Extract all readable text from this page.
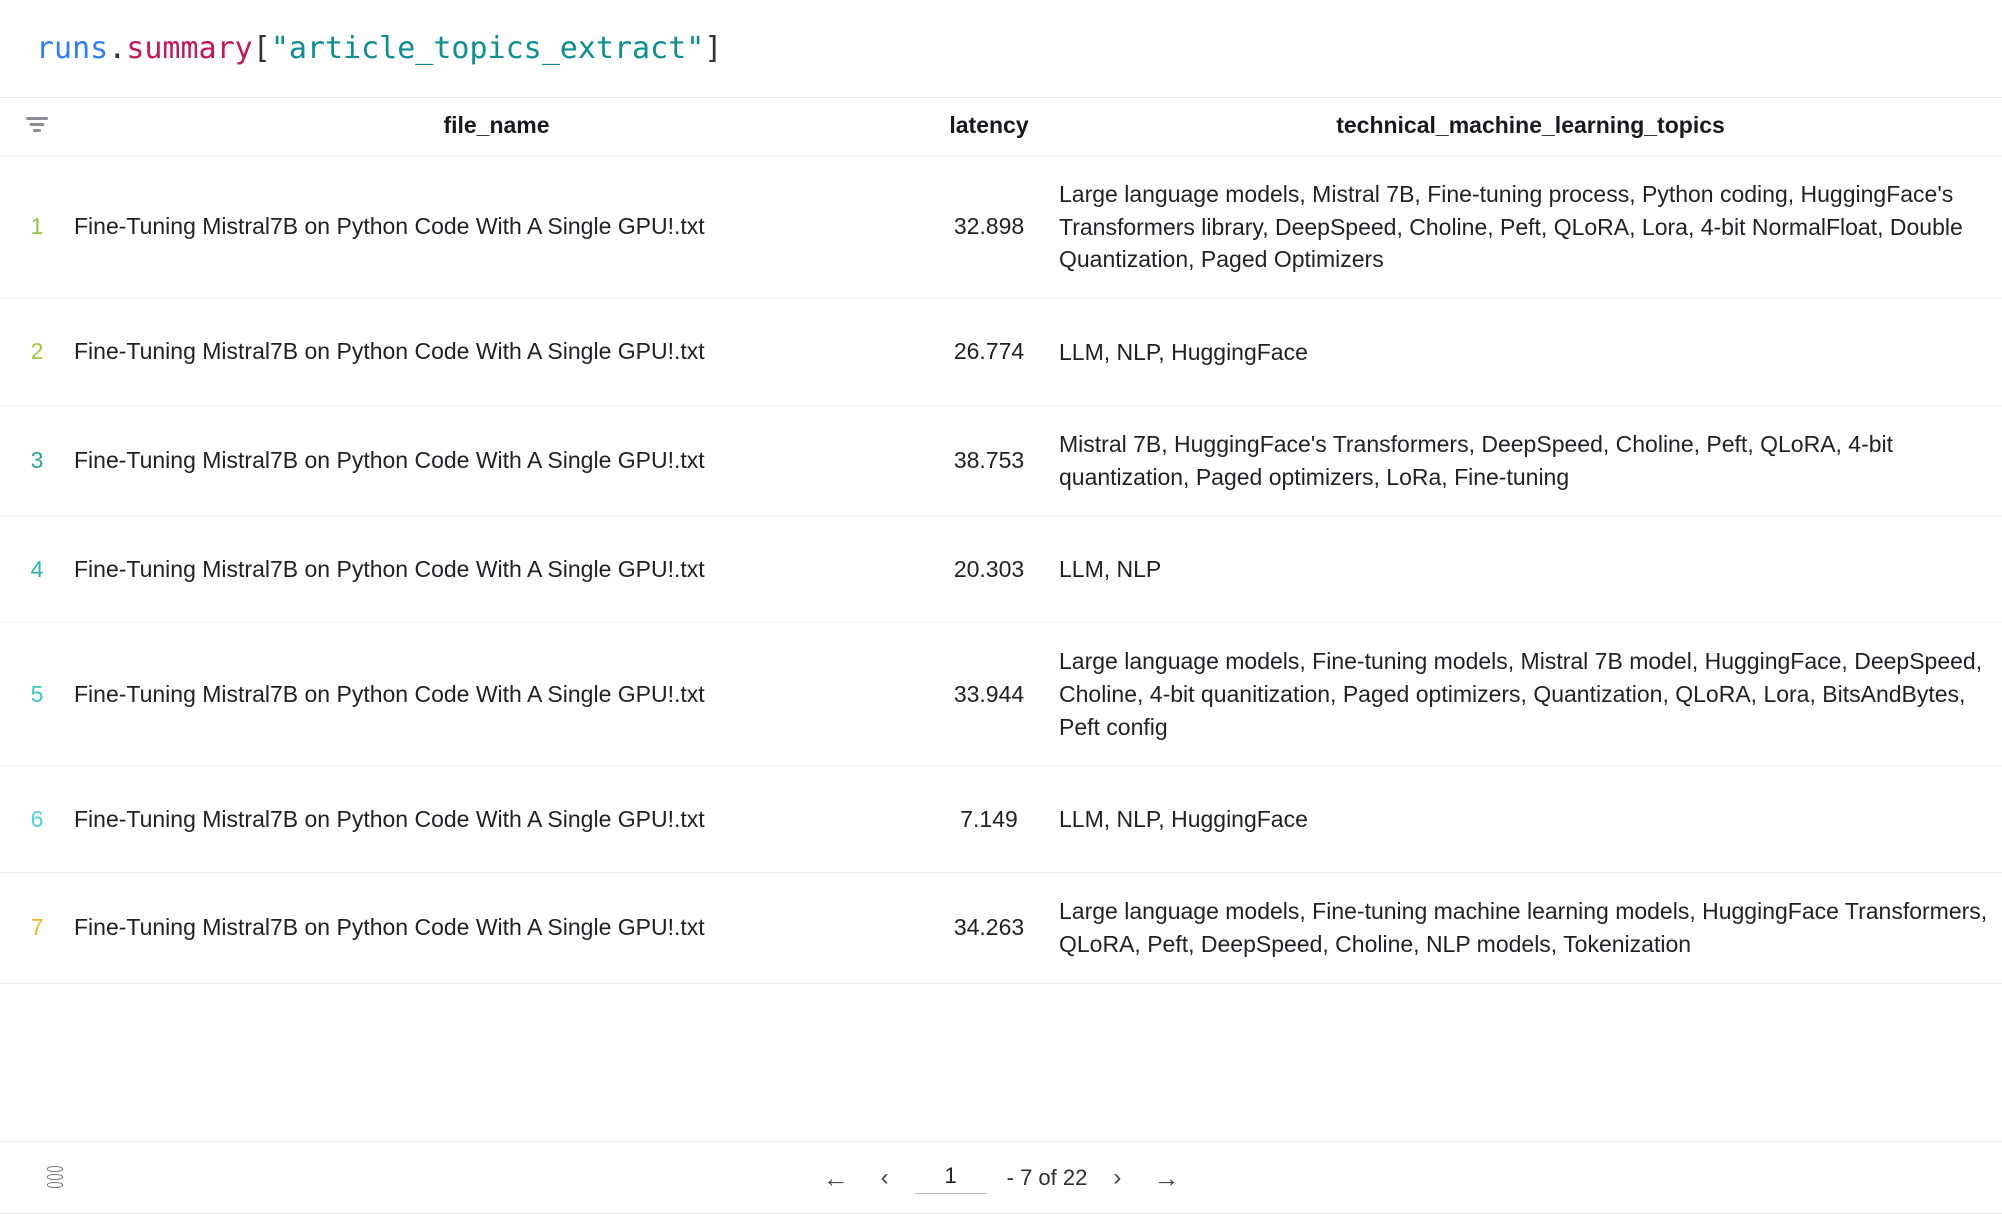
runs.summary["article_topics_extract"]
	file_name	latency	technical_machine_learning_topics
1	Fine-Tuning Mistral7B on Python Code With A Single GPU!.txt	32.898	Large language models, Mistral 7B, Fine-tuning process, Python coding, HuggingFace's Transformers library, DeepSpeed, Choline, Peft, QLoRA, Lora, 4-bit NormalFloat, Double Quantization, Paged Optimizers
2	Fine-Tuning Mistral7B on Python Code With A Single GPU!.txt	26.774	LLM, NLP, HuggingFace
3	Fine-Tuning Mistral7B on Python Code With A Single GPU!.txt	38.753	Mistral 7B, HuggingFace's Transformers, DeepSpeed, Choline, Peft, QLoRA, 4-bit quantization, Paged optimizers, LoRa, Fine-tuning
4	Fine-Tuning Mistral7B on Python Code With A Single GPU!.txt	20.303	LLM, NLP
5	Fine-Tuning Mistral7B on Python Code With A Single GPU!.txt	33.944	Large language models, Fine-tuning models, Mistral 7B model, HuggingFace, DeepSpeed, Choline, 4-bit quanitization, Paged optimizers, Quantization, QLoRA, Lora, BitsAndBytes, Peft config
6	Fine-Tuning Mistral7B on Python Code With A Single GPU!.txt	7.149	LLM, NLP, HuggingFace
7	Fine-Tuning Mistral7B on Python Code With A Single GPU!.txt	34.263	Large language models, Fine-tuning machine learning models, HuggingFace Transformers, QLoRA, Peft, DeepSpeed, Choline, NLP models, Tokenization
← ‹
1	- 7 of 22 › →
